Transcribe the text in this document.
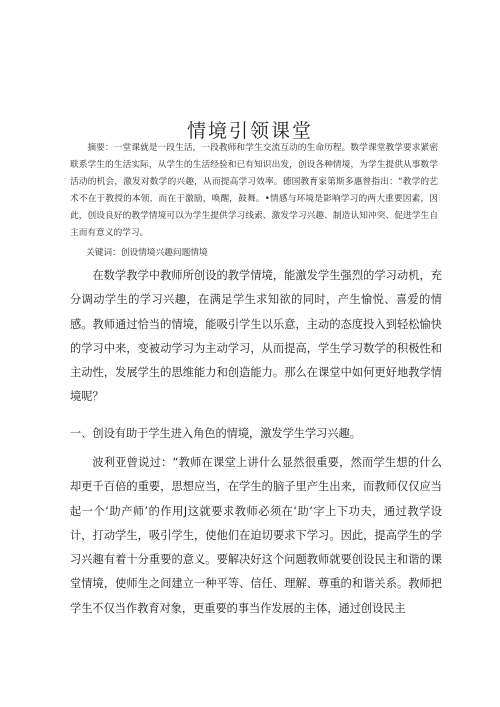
情境引领课堂
摘要：一堂课就是一段生活，一段教师和学生交流互动的生命历程。数学课堂教学要求紧密联系学生的生活实际，从学生的生活经验和已有知识出发，创设各种情境，为学生提供从事数学活动的机会，激发对数学的兴趣，从而提高学习效率。德国教育家第斯多惠曾指出：“教学的艺术不在于教授的本领，而在于激励，唤醒，鼓舞。•情感与环境是影响学习的两大重要因素，因此，创设良好的教学情境可以为学生提供学习线索、激发学习兴趣、制造认知冲突、促进学生自主而有意义的学习。
关键词：创设情境兴趣问题情境
在数学教学中教师所创设的教学情境，能激发学生强烈的学习动机，充分调动学生的学习兴趣，在满足学生求知欲的同时，产生愉悦、喜爱的情感。教师通过恰当的情境，能吸引学生以乐意，主动的态度投入到轻松愉快的学习中来，变被动学习为主动学习，从而提高，学生学习数学的积极性和主动性，发展学生的思维能力和创造能力。那么在课堂中如何更好地教学情境呢？
一、创设有助于学生进入角色的情境，激发学生学习兴趣。
波利亚曾说过：“教师在课堂上讲什么显然很重要，然而学生想的什么却更千百倍的重要，思想应当，在学生的脑子里产生出来，而教师仅仅应当起一个‘助产师’的作用J这就要求教师必须在‘助’字上下功夫，通过教学设计，打动学生，吸引学生，使他们在迫切要求下学习。因此，提高学生的学习兴趣有着十分重要的意义。要解决好这个问题教师就要创设民主和谐的课堂情境，使师生之间建立一种平等、信任、理解、尊重的和谐关系。教师把学生不仅当作教育对象，更重要的事当作发展的主体，通过创设民主
